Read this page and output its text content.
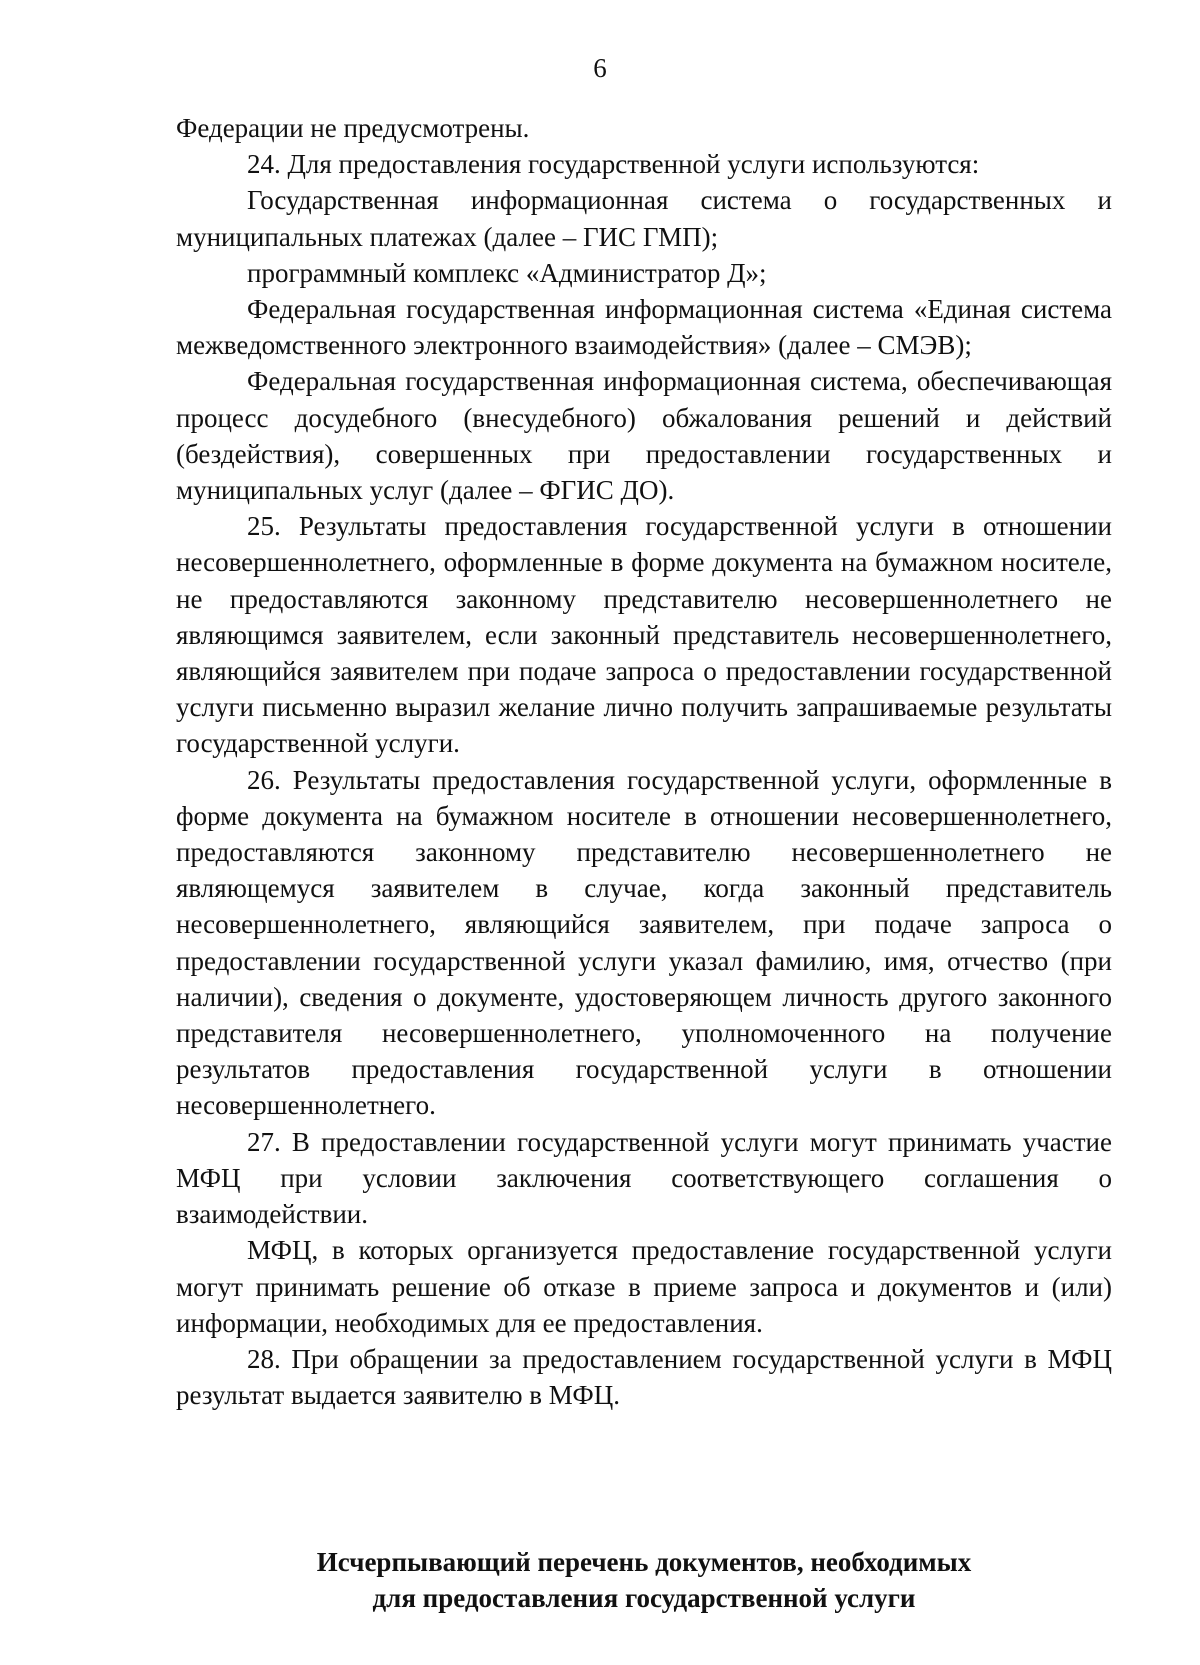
6

Федерации не предусмотрены.

24. Для предоставления государственной услуги используются:

Государственная информационная система о государственных и муниципальных платежах (далее – ГИС ГМП);

программный комплекс «Администратор Д»;

Федеральная государственная информационная система «Единая система межведомственного электронного взаимодействия» (далее – СМЭВ);

Федеральная государственная информационная система, обеспечивающая процесс досудебного (внесудебного) обжалования решений и действий (бездействия), совершенных при предоставлении государственных и муниципальных услуг (далее – ФГИС ДО).

25. Результаты предоставления государственной услуги в отношении несовершеннолетнего, оформленные в форме документа на бумажном носителе, не предоставляются законному представителю несовершеннолетнего не являющимся заявителем, если законный представитель несовершеннолетнего, являющийся заявителем при подаче запроса о предоставлении государственной услуги письменно выразил желание лично получить запрашиваемые результаты государственной услуги.

26. Результаты предоставления государственной услуги, оформленные в форме документа на бумажном носителе в отношении несовершеннолетнего, предоставляются законному представителю несовершеннолетнего не являющемуся заявителем в случае, когда законный представитель несовершеннолетнего, являющийся заявителем, при подаче запроса о предоставлении государственной услуги указал фамилию, имя, отчество (при наличии), сведения о документе, удостоверяющем личность другого законного представителя несовершеннолетнего, уполномоченного на получение результатов предоставления государственной услуги в отношении несовершеннолетнего.

27. В предоставлении государственной услуги могут принимать участие МФЦ при условии заключения соответствующего соглашения о взаимодействии.

МФЦ, в которых организуется предоставление государственной услуги могут принимать решение об отказе в приеме запроса и документов и (или) информации, необходимых для ее предоставления.

28. При обращении за предоставлением государственной услуги в МФЦ результат выдается заявителю в МФЦ.

Исчерпывающий перечень документов, необходимых
для предоставления государственной услуги
